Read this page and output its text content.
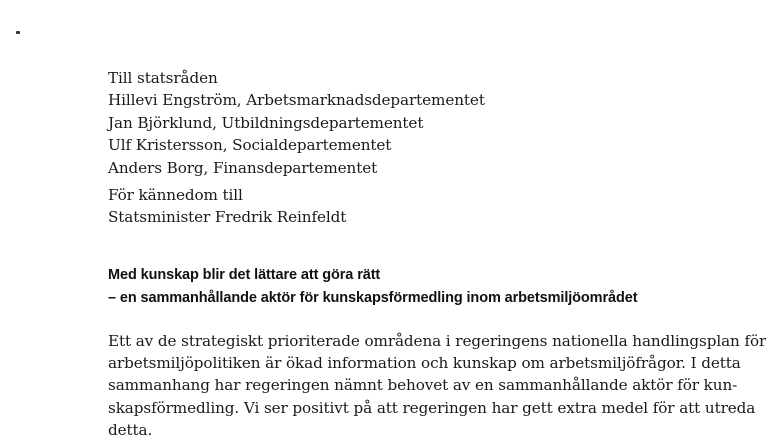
Till statsråden
Hillevi Engström, Arbetsmarknadsdepartementet
Jan Björklund, Utbildningsdepartementet
Ulf Kristersson, Socialdepartementet
Anders Borg, Finansdepartementet
För kännedom till
Statsminister Fredrik Reinfeldt
Med kunskap blir det lättare att göra rätt
– en sammanhållande aktör för kunskapsförmedling inom arbetsmiljöområdet
Ett av de strategiskt prioriterade områdena i regeringens nationella handlingsplan för
arbetsmiljöpolitiken är ökad information och kunskap om arbetsmiljöfrågor. I detta
sammanhang har regeringen nämnt behovet av en sammanhållande aktör för kun-
skapsförmedling. Vi ser positivt på att regeringen har gett extra medel för att utreda
detta.
